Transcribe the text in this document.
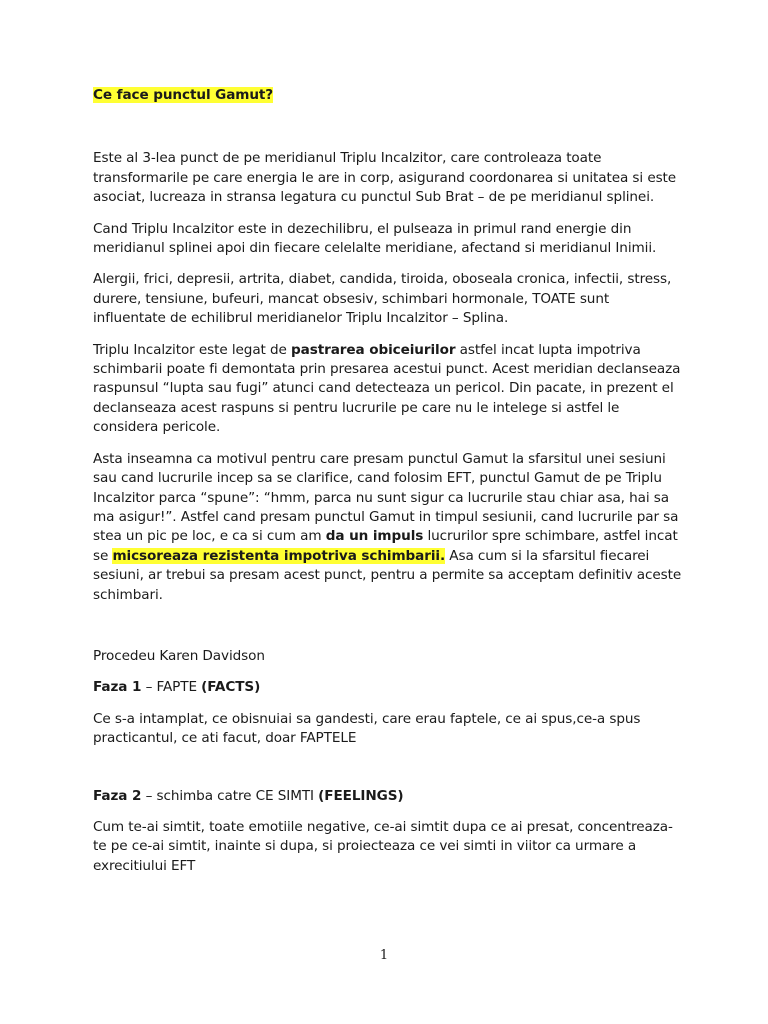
Ce face punctul Gamut?

Este al 3-lea punct de pe meridianul Triplu Incalzitor, care controleaza toate transformarile pe care energia le are in corp, asigurand coordonarea si unitatea si este asociat, lucreaza in stransa legatura cu punctul Sub Brat – de pe meridianul splinei.

Cand Triplu Incalzitor este in dezechilibru, el pulseaza in primul rand energie din meridianul splinei apoi din fiecare celelalte meridiane, afectand si meridianul Inimii.

Alergii, frici, depresii, artrita, diabet, candida, tiroida, oboseala cronica, infectii, stress, durere, tensiune, bufeuri, mancat obsesiv, schimbari hormonale, TOATE sunt influentate de echilibrul meridianelor Triplu Incalzitor – Splina.

Triplu Incalzitor este legat de pastrarea obiceiurilor astfel incat lupta impotriva schimbarii poate fi demontata prin presarea acestui punct. Acest meridian declanseaza raspunsul “lupta sau fugi” atunci cand detecteaza un pericol. Din pacate, in prezent el declanseaza acest raspuns si pentru lucrurile pe care nu le intelege si astfel le considera pericole.

Asta inseamna ca motivul pentru care presam punctul Gamut la sfarsitul unei sesiuni sau cand lucrurile incep sa se clarifice, cand folosim EFT, punctul Gamut de pe Triplu Incalzitor parca “spune”: “hmm, parca nu sunt sigur ca lucrurile stau chiar asa, hai sa ma asigur!”. Astfel cand presam punctul Gamut in timpul sesiunii, cand lucrurile par sa stea un pic pe loc, e ca si cum am da un impuls lucrurilor spre schimbare, astfel incat se micsoreaza rezistenta impotriva schimbarii. Asa cum si la sfarsitul fiecarei sesiuni, ar trebui sa presam acest punct, pentru a permite sa acceptam definitiv aceste schimbari.

Procedeu Karen Davidson

Faza 1 – FAPTE (FACTS)

Ce s-a intamplat, ce obisnuiai sa gandesti, care erau faptele, ce ai spus,ce-a spus practicantul, ce ati facut, doar FAPTELE

Faza 2 – schimba catre CE SIMTI (FEELINGS)

Cum te-ai simtit, toate emotiile negative, ce-ai simtit dupa ce ai presat, concentreaza-te pe ce-ai simtit, inainte si dupa, si proiecteaza ce vei simti in viitor ca urmare a exrecitiului EFT

1
